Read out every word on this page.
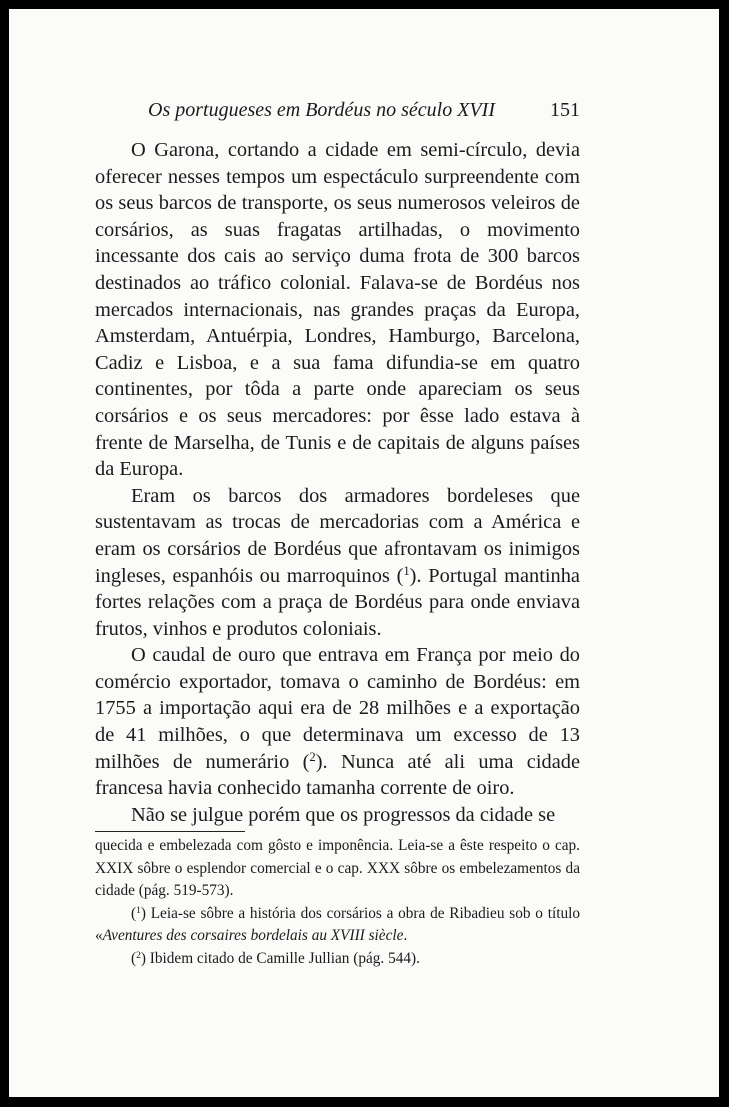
Os portugueses em Bordéus no século XVII	151

O Garona, cortando a cidade em semi-círculo, devia oferecer nesses tempos um espectáculo surpreendente com os seus barcos de transporte, os seus numerosos veleiros de corsários, as suas fragatas artilhadas, o movimento incessante dos cais ao serviço duma frota de 300 barcos destinados ao tráfico colonial. Falava-se de Bordéus nos mercados internacionais, nas grandes praças da Europa, Amsterdam, Antuérpia, Londres, Hamburgo, Barcelona, Cadiz e Lisboa, e a sua fama difundia-se em quatro continentes, por tôda a parte onde apareciam os seus corsários e os seus mercadores: por êsse lado estava à frente de Marselha, de Tunis e de capitais de alguns países da Europa.

Eram os barcos dos armadores bordeleses que sustentavam as trocas de mercadorias com a América e eram os corsários de Bordéus que afrontavam os inimigos ingleses, espanhóis ou marroquinos ($^1$). Portugal mantinha fortes relações com a praça de Bordéus para onde enviava frutos, vinhos e produtos coloniais.

O caudal de ouro que entrava em França por meio do comércio exportador, tomava o caminho de Bordéus: em 1755 a importação aqui era de 28 milhões e a exportação de 41 milhões, o que determinava um excesso de 13 milhões de numerário ($^2$). Nunca até ali uma cidade francesa havia conhecido tamanha corrente de oiro.

Não se julgue porém que os progressos da cidade se

quecida e embelezada com gôsto e imponência. Leia-se a êste respeito o cap. XXIX sôbre o esplendor comercial e o cap. XXX sôbre os embelezamentos da cidade (pág. 519-573).

($^1$) Leia-se sôbre a história dos corsários a obra de Ribadieu sob o título «Aventures des corsaires bordelais au XVIII siècle.

($^2$) Ibidem citado de Camille Jullian (pág. 544).
